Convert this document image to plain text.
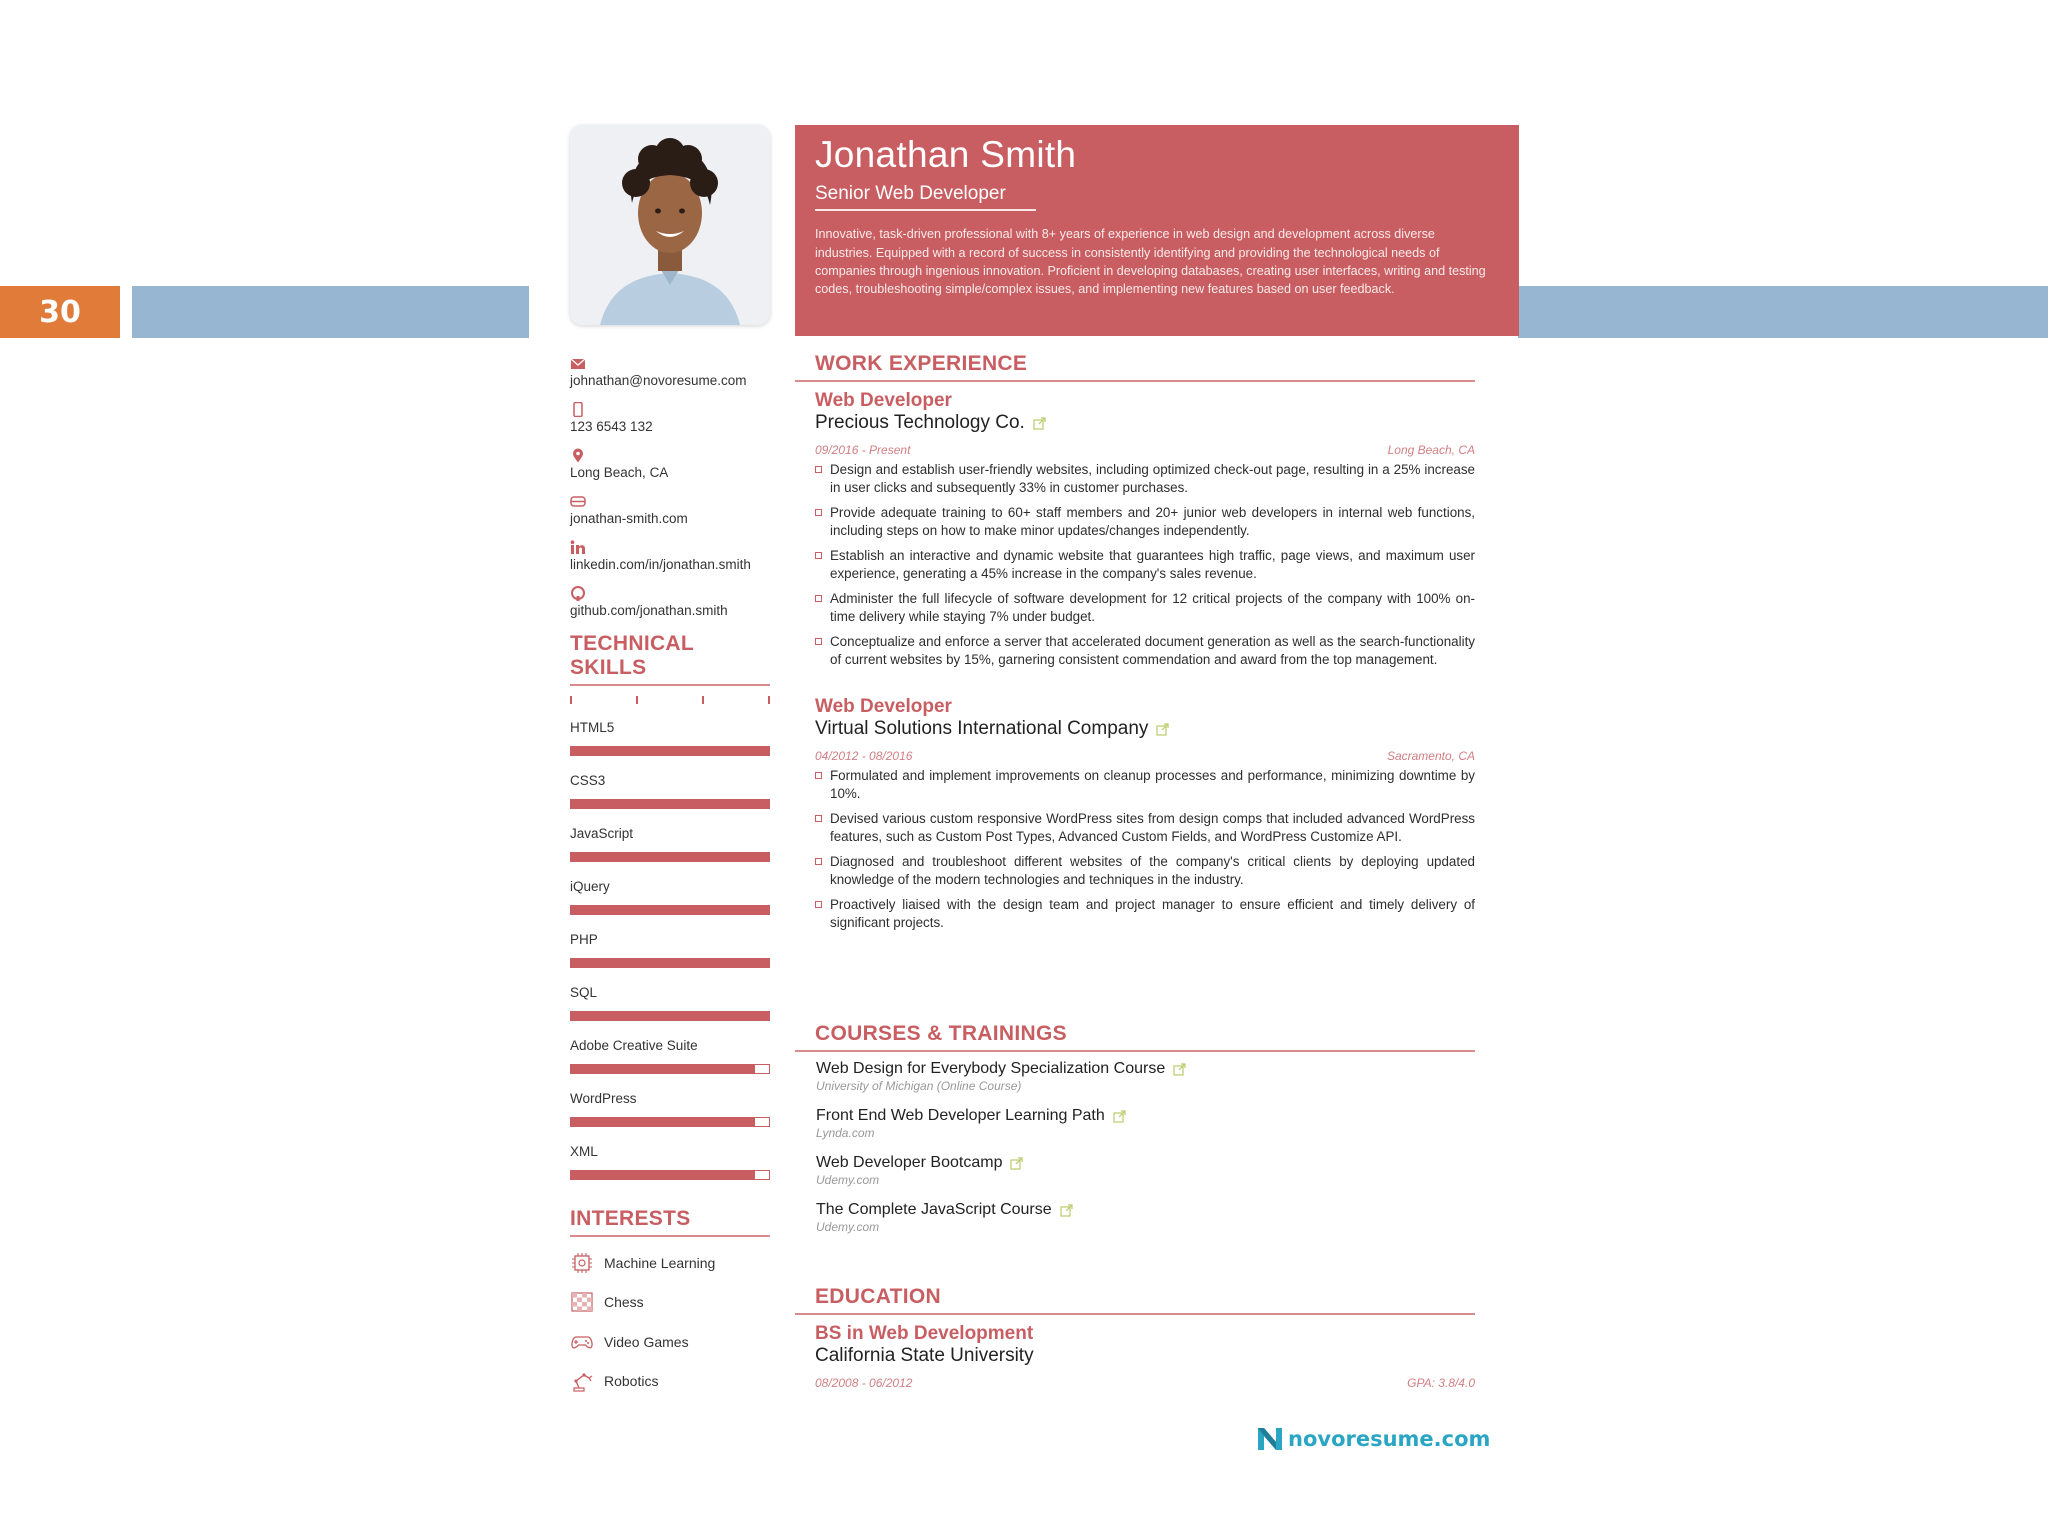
30
Jonathan Smith
Senior Web Developer
Innovative, task-driven professional with 8+ years of experience in web design and development across diverse industries. Equipped with a record of success in consistently identifying and providing the technological needs of companies through ingenious innovation. Proficient in developing databases, creating user interfaces, writing and testing codes, troubleshooting simple/complex issues, and implementing new features based on user feedback.
johnathan@novoresume.com
123 6543 132
Long Beach, CA
jonathan-smith.com
linkedin.com/in/jonathan.smith
github.com/jonathan.smith
TECHNICAL SKILLS
HTML5
CSS3
JavaScript
iQuery
PHP
SQL
Adobe Creative Suite
WordPress
XML
INTERESTS
Machine Learning
Chess
Video Games
Robotics
WORK EXPERIENCE
Web Developer
Precious Technology Co.
09/2016 - Present	Long Beach, CA
Design and establish user-friendly websites, including optimized check-out page, resulting in a 25% increase in user clicks and subsequently 33% in customer purchases.
Provide adequate training to 60+ staff members and 20+ junior web developers in internal web functions, including steps on how to make minor updates/changes independently.
Establish an interactive and dynamic website that guarantees high traffic, page views, and maximum user experience, generating a 45% increase in the company's sales revenue.
Administer the full lifecycle of software development for 12 critical projects of the company with 100% on-time delivery while staying 7% under budget.
Conceptualize and enforce a server that accelerated document generation as well as the search-functionality of current websites by 15%, garnering consistent commendation and award from the top management.
Web Developer
Virtual Solutions International Company
04/2012 - 08/2016	Sacramento, CA
Formulated and implement improvements on cleanup processes and performance, minimizing downtime by 10%.
Devised various custom responsive WordPress sites from design comps that included advanced WordPress features, such as Custom Post Types, Advanced Custom Fields, and WordPress Customize API.
Diagnosed and troubleshoot different websites of the company's critical clients by deploying updated knowledge of the modern technologies and techniques in the industry.
Proactively liaised with the design team and project manager to ensure efficient and timely delivery of significant projects.
COURSES & TRAININGS
Web Design for Everybody Specialization Course
University of Michigan (Online Course)
Front End Web Developer Learning Path
Lynda.com
Web Developer Bootcamp
Udemy.com
The Complete JavaScript Course
Udemy.com
EDUCATION
BS in Web Development
California State University
08/2008 - 06/2012	GPA: 3.8/4.0
novoresume.com
